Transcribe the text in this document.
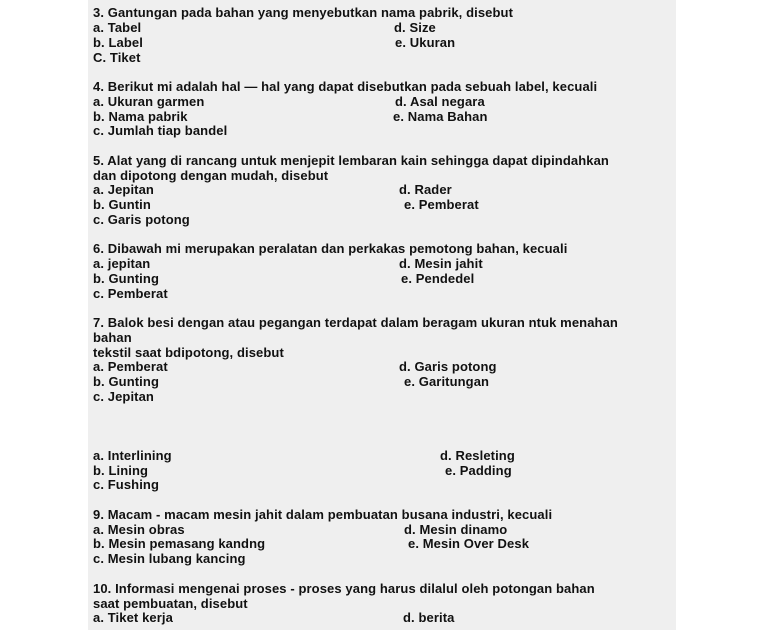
3. Gantungan pada bahan yang menyebutkan nama pabrik, disebut
a. Tabel	d. Size
b. Label	e. Ukuran
C. Tiket
4. Berikut mi adalah hal — hal yang dapat disebutkan pada sebuah label, kecuali
a. Ukuran garmen	d. Asal negara
b. Nama pabrik	e. Nama Bahan
c. Jumlah tiap bandel
5. Alat yang di rancang untuk menjepit lembaran kain sehingga dapat dipindahkan
dan dipotong dengan mudah, disebut
a. Jepitan	d. Rader
b. Guntin	e. Pemberat
c. Garis potong
6. Dibawah mi merupakan peralatan dan perkakas pemotong bahan, kecuali
a. jepitan	d. Mesin jahit
b. Gunting	e. Pendedel
c. Pemberat
7. Balok besi dengan atau pegangan terdapat dalam beragam ukuran ntuk menahan
bahan
tekstil saat bdipotong, disebut
a. Pemberat	d. Garis potong
b. Gunting	e. Garitungan
c. Jepitan
a. Interlining	d. Resleting
b. Lining	e. Padding
c. Fushing
9. Macam - macam mesin jahit dalam pembuatan busana industri, kecuali
a. Mesin obras	d. Mesin dinamo
b. Mesin pemasang kandng	e. Mesin Over Desk
c. Mesin lubang kancing
10. Informasi mengenai proses - proses yang harus dilalul oleh potongan bahan
saat pembuatan, disebut
a. Tiket kerja	d. berita
